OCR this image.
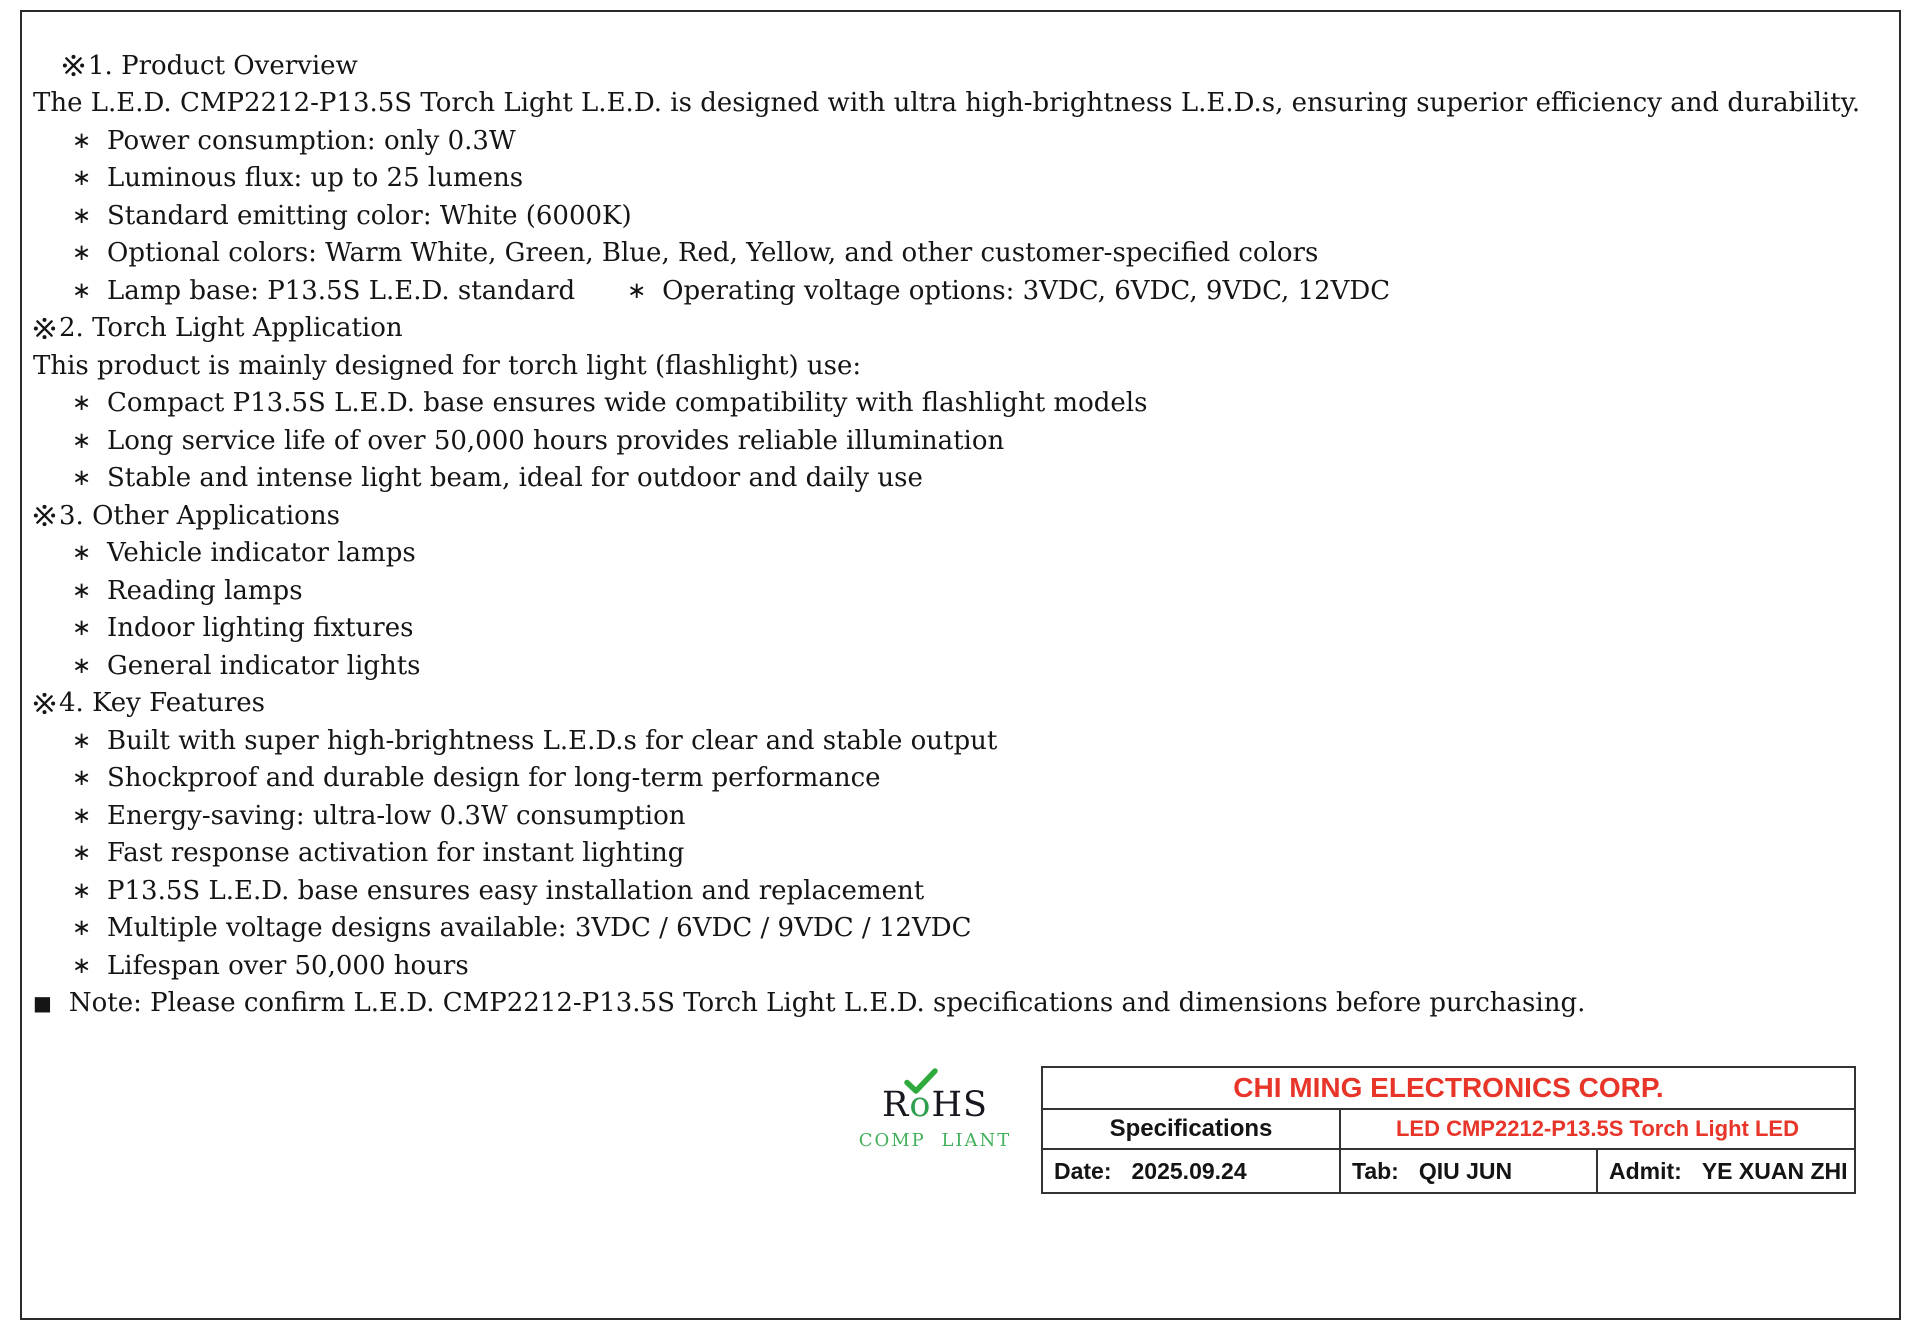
1. Product Overview
The L.E.D. CMP2212-P13.5S Torch Light L.E.D. is designed with ultra high-brightness L.E.D.s, ensuring superior efficiency and durability.
∗ Power consumption: only 0.3W
∗ Luminous flux: up to 25 lumens
∗ Standard emitting color: White (6000K)
∗ Optional colors: Warm White, Green, Blue, Red, Yellow, and other customer-specified colors
∗ Lamp base: P13.5S L.E.D. standard ∗ Operating voltage options: 3VDC, 6VDC, 9VDC, 12VDC
2. Torch Light Application
This product is mainly designed for torch light (flashlight) use:
∗ Compact P13.5S L.E.D. base ensures wide compatibility with flashlight models
∗ Long service life of over 50,000 hours provides reliable illumination
∗ Stable and intense light beam, ideal for outdoor and daily use
3. Other Applications
∗ Vehicle indicator lamps
∗ Reading lamps
∗ Indoor lighting fixtures
∗ General indicator lights
4. Key Features
∗ Built with super high-brightness L.E.D.s for clear and stable output
∗ Shockproof and durable design for long-term performance
∗ Energy-saving: ultra-low 0.3W consumption
∗ Fast response activation for instant lighting
∗ P13.5S L.E.D. base ensures easy installation and replacement
∗ Multiple voltage designs available: 3VDC / 6VDC / 9VDC / 12VDC
∗ Lifespan over 50,000 hours
■ Note: Please confirm L.E.D. CMP2212-P13.5S Torch Light L.E.D. specifications and dimensions before purchasing.
RoHS
COMP LIANT
CHI MING ELECTRONICS CORP.
Specifications	LED CMP2212-P13.5S Torch Light LED
Date: 2025.09.24	Tab: QIU JUN	Admit: YE XUAN ZHI
